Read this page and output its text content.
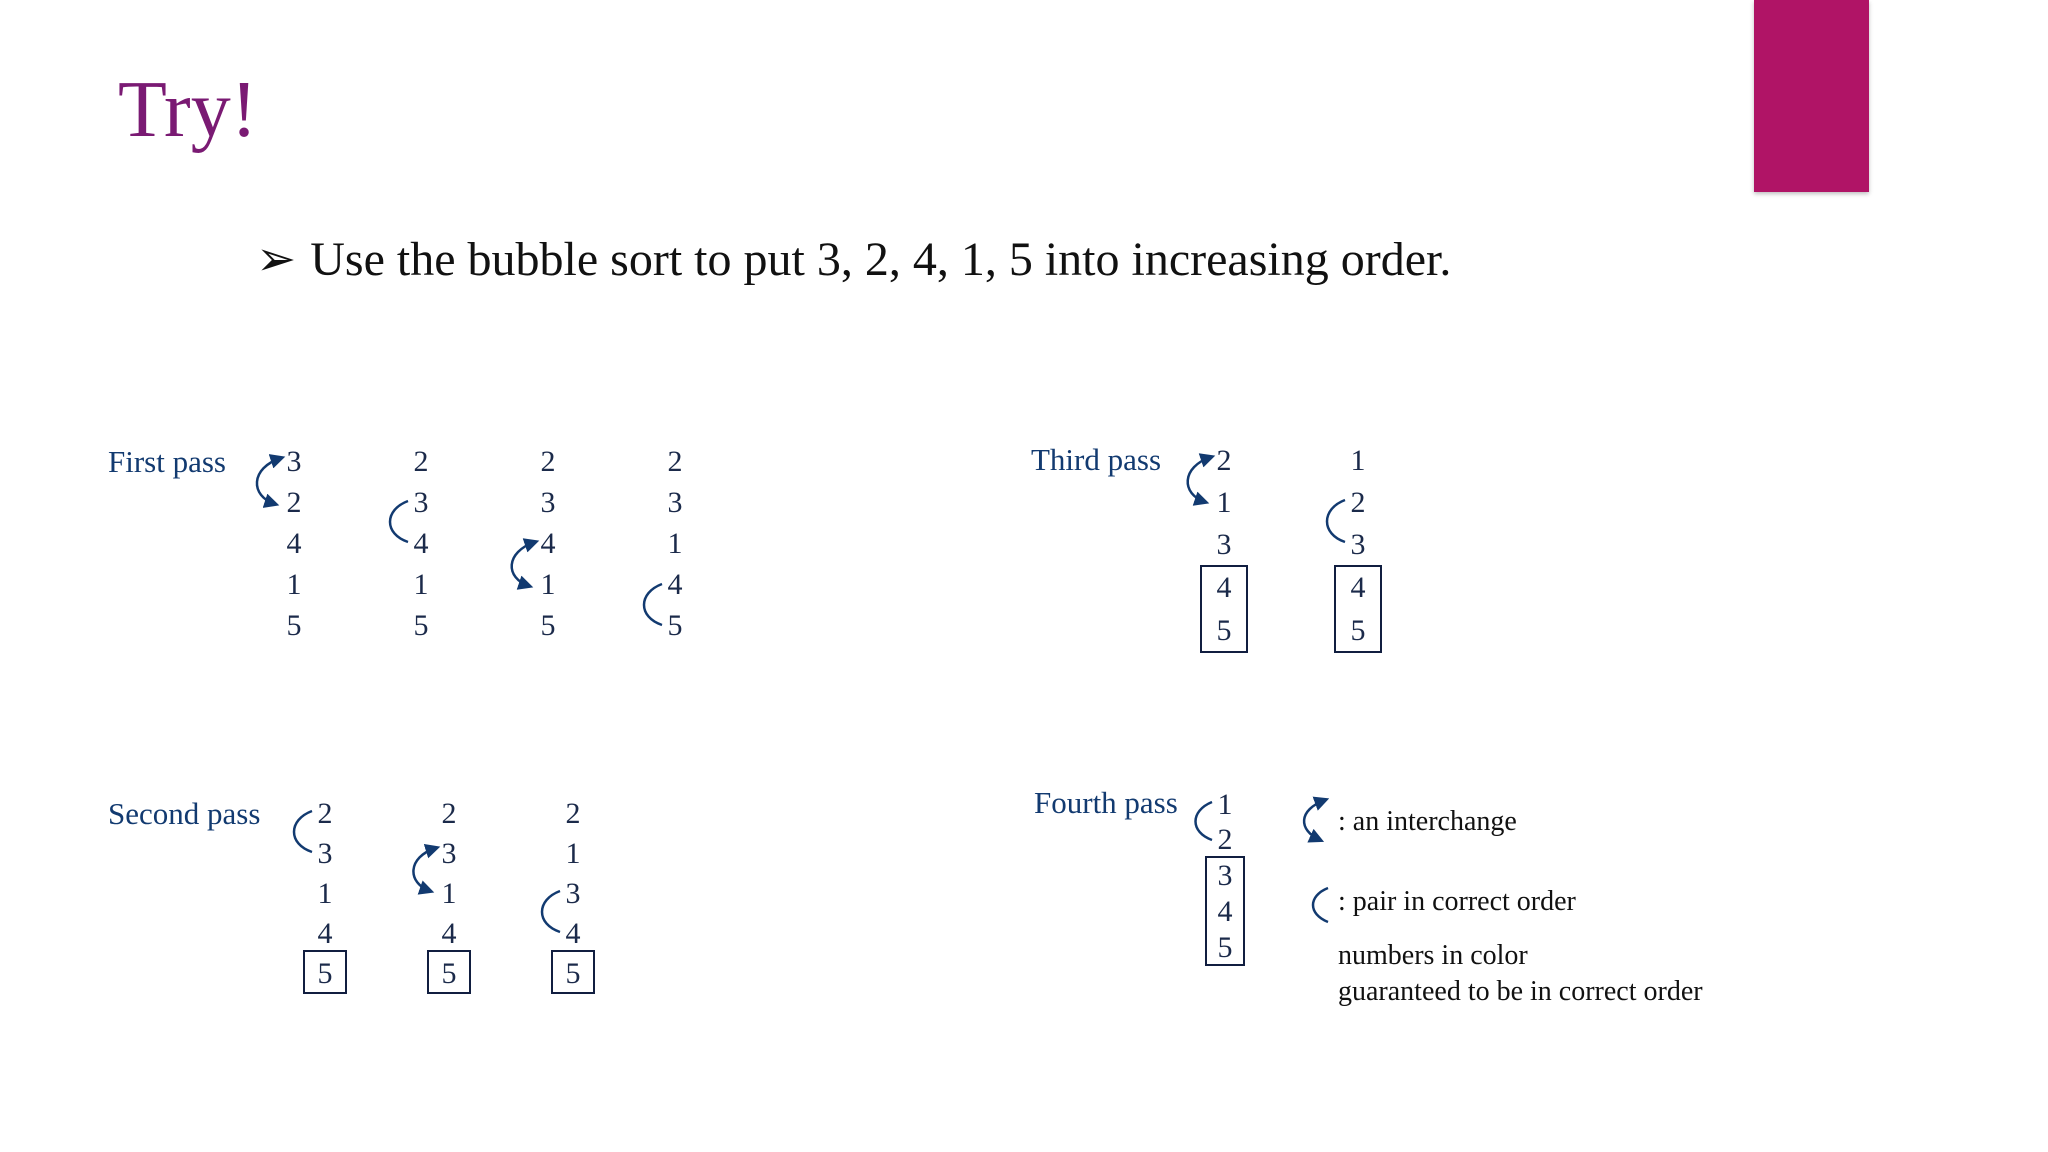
Try!
➢ Use the bubble sort to put 3, 2, 4, 1, 5 into increasing order.
First pass 3
2
4
1
5
2
3
4
1
5
2
3
4
1
5
2
3
1
4
5
Second pass 2
3
1
4
5
2
3
1
4
5
2
1
3
4
5
Third pass 2
1
3
4
5
1
2
3
4
5
Fourth pass 1
2
3
4
5
: an interchange
: pair in correct order
numbers in color
guaranteed to be in correct order
